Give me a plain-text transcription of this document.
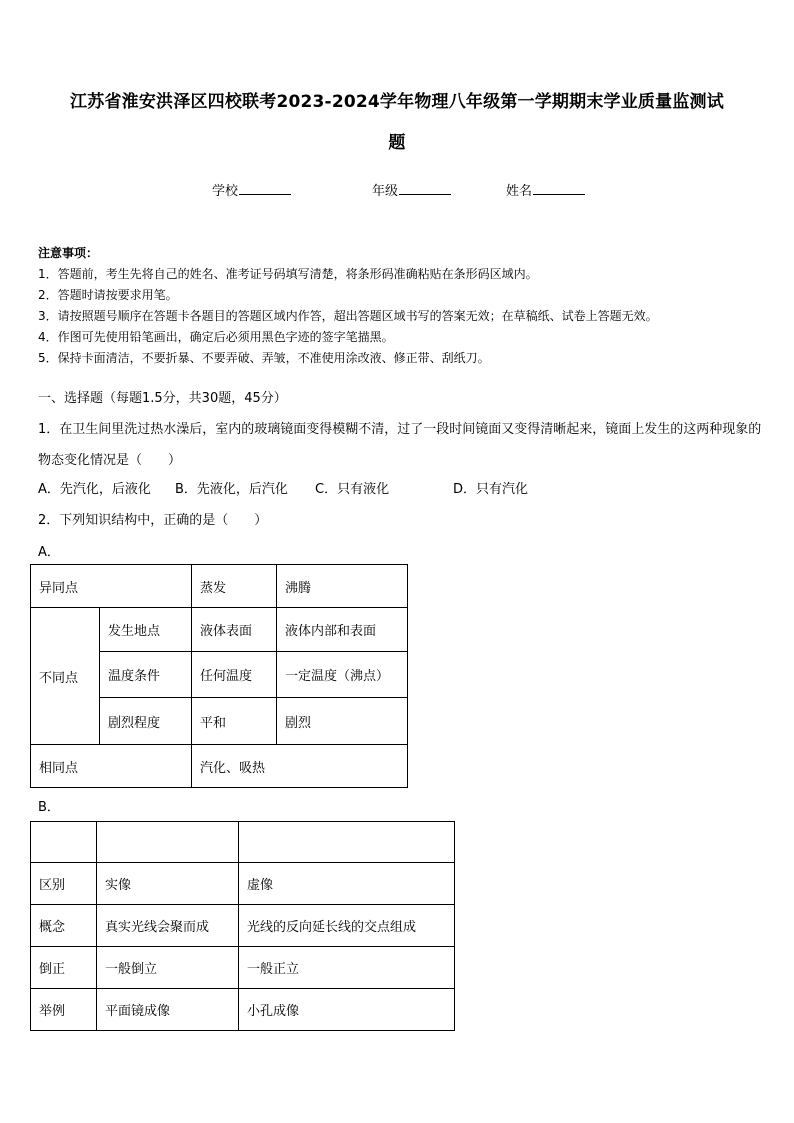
江苏省淮安洪泽区四校联考2023-2024学年物理八年级第一学期期末学业质量监测试
题
学校	年级	姓名
注意事项：
1．答题前，考生先将自己的姓名、准考证号码填写清楚，将条形码准确粘贴在条形码区域内。
2．答题时请按要求用笔。
3．请按照题号顺序在答题卡各题目的答题区域内作答，超出答题区域书写的答案无效；在草稿纸、试卷上答题无效。
4．作图可先使用铅笔画出，确定后必须用黑色字迹的签字笔描黑。
5．保持卡面清洁，不要折暴、不要弄破、弄皱，不准使用涂改液、修正带、刮纸刀。
一、选择题（每题1.5分，共30题，45分）
1．在卫生间里洗过热水澡后，室内的玻璃镜面变得模糊不清，过了一段时间镜面又变得清晰起来，镜面上发生的这两种现象的物态变化情况是（　　）
A．先汽化，后液化 B．先液化，后汽化 C．只有液化	D．只有汽化
2．下列知识结构中，正确的是（　　）
A．
异同点		蒸发	沸腾
不同点	发生地点	液体表面	液体内部和表面
	温度条件	任何温度	一定温度（沸点）
	剧烈程度	平和	剧烈
相同点		汽化、吸热	
B．

区别	实像	虚像
概念	真实光线会聚而成	光线的反向延长线的交点组成
倒正	一般倒立	一般正立
举例	平面镜成像	小孔成像
